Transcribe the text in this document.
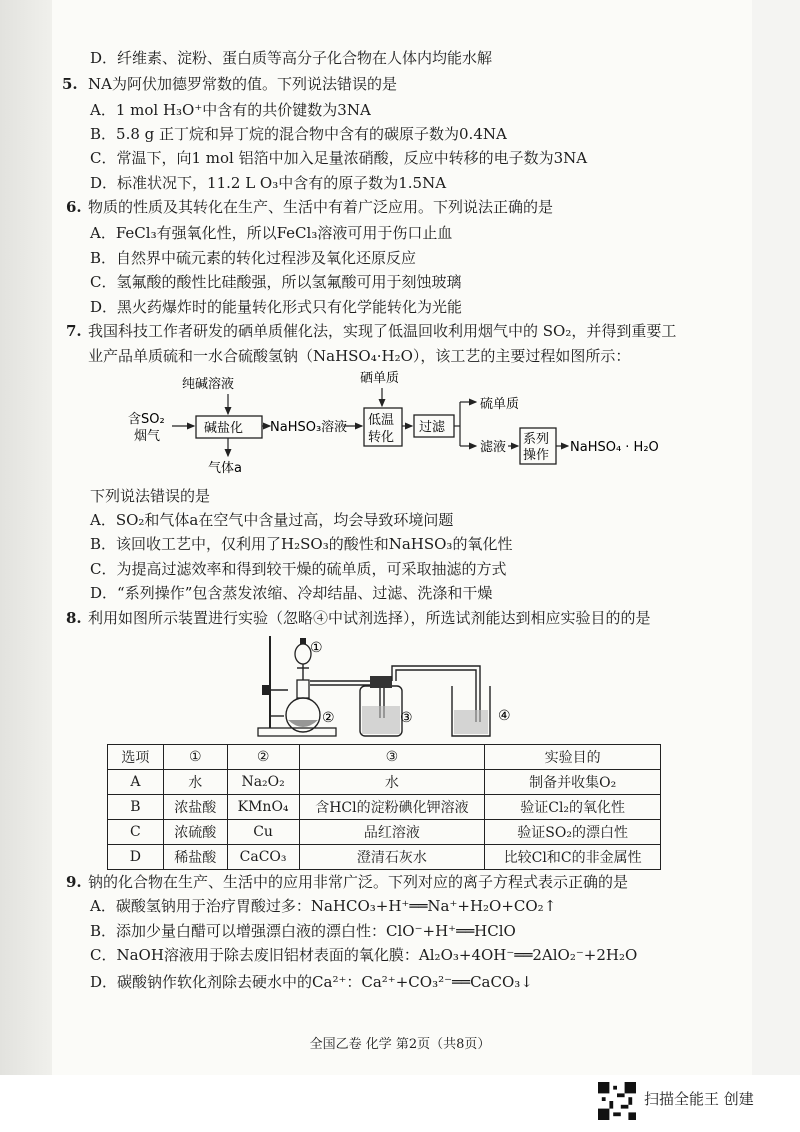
D．纤维素、淀粉、蛋白质等高分子化合物在人体内均能水解
5. NA为阿伏加德罗常数的值。下列说法错误的是
A．1 mol H₃O⁺中含有的共价键数为3NA
B．5.8 g 正丁烷和异丁烷的混合物中含有的碳原子数为0.4NA
C．常温下，向1 mol 铝箔中加入足量浓硝酸，反应中转移的电子数为3NA
D．标准状况下，11.2 L O₃中含有的原子数为1.5NA
6. 物质的性质及其转化在生产、生活中有着广泛应用。下列说法正确的是
A．FeCl₃有强氧化性，所以FeCl₃溶液可用于伤口止血
B．自然界中硫元素的转化过程涉及氧化还原反应
C．氢氟酸的酸性比硅酸强，所以氢氟酸可用于刻蚀玻璃
D．黑火药爆炸时的能量转化形式只有化学能转化为光能
7. 我国科技工作者研发的硒单质催化法，实现了低温回收利用烟气中的 SO₂，并得到重要工
业产品单质硫和一水合硫酸氢钠（NaHSO₄·H₂O），该工艺的主要过程如图所示：
含SO₂
烟气
纯碱溶液
碱盐化
气体a
NaHSO₃溶液
硒单质
低温
转化
过滤
硫单质
滤液
系列
操作
NaHSO₄ · H₂O
下列说法错误的是
A．SO₂和气体a在空气中含量过高，均会导致环境问题
B．该回收工艺中，仅利用了H₂SO₃的酸性和NaHSO₃的氧化性
C．为提高过滤效率和得到较干燥的硫单质，可采取抽滤的方式
D．“系列操作”包含蒸发浓缩、冷却结晶、过滤、洗涤和干燥
8. 利用如图所示装置进行实验（忽略④中试剂选择），所选试剂能达到相应实验目的的是
①
②	③	④
选项	①	②	③	实验目的
A	水	Na₂O₂	水	制备并收集O₂
B	浓盐酸	KMnO₄	含HCl的淀粉碘化钾溶液	验证Cl₂的氧化性
C	浓硫酸	Cu	品红溶液	验证SO₂的漂白性
D	稀盐酸	CaCO₃	澄清石灰水	比较Cl和C的非金属性
9. 钠的化合物在生产、生活中的应用非常广泛。下列对应的离子方程式表示正确的是
A．碳酸氢钠用于治疗胃酸过多：NaHCO₃+H⁺══Na⁺+H₂O+CO₂↑
B．添加少量白醋可以增强漂白液的漂白性：ClO⁻+H⁺══HClO
C．NaOH溶液用于除去废旧铝材表面的氧化膜：Al₂O₃+4OH⁻══2AlO₂⁻+2H₂O
D．碳酸钠作软化剂除去硬水中的Ca²⁺：Ca²⁺+CO₃²⁻══CaCO₃↓
全国乙卷 化学 第2页（共8页）
扫描全能王 创建
